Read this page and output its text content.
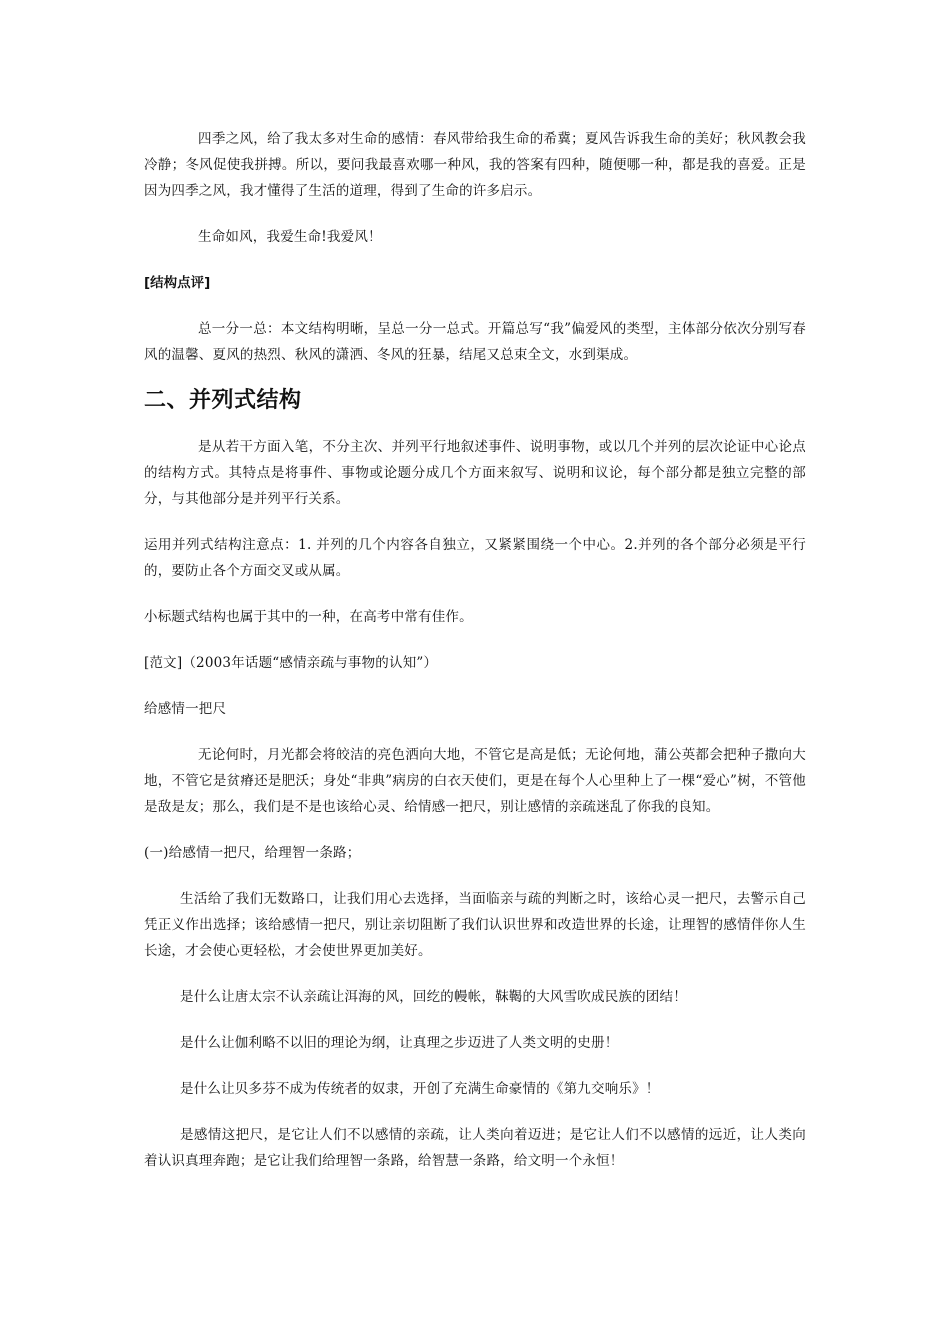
四季之风，给了我太多对生命的感情：春风带给我生命的希冀；夏风告诉我生命的美好；秋风教会我冷静；冬风促使我拼搏。所以，要问我最喜欢哪一种风，我的答案有四种，随便哪一种，都是我的喜爱。正是因为四季之风，我才懂得了生活的道理，得到了生命的许多启示。

生命如风，我爱生命!我爱风！

[结构点评]

总一分一总：本文结构明晰，呈总一分一总式。开篇总写“我”偏爱风的类型，主体部分依次分别写春风的温馨、夏风的热烈、秋风的潇洒、冬风的狂暴，结尾又总束全文，水到渠成。

二、并列式结构

是从若干方面入笔，不分主次、并列平行地叙述事件、说明事物，或以几个并列的层次论证中心论点的结构方式。其特点是将事件、事物或论题分成几个方面来叙写、说明和议论，每个部分都是独立完整的部分，与其他部分是并列平行关系。

运用并列式结构注意点：1. 并列的几个内容各自独立，又紧紧围绕一个中心。2.并列的各个部分必须是平行的，要防止各个方面交叉或从属。

小标题式结构也属于其中的一种，在高考中常有佳作。

[范文]（2003年话题“感情亲疏与事物的认知”）

给感情一把尺

无论何时，月光都会将皎洁的亮色洒向大地，不管它是高是低；无论何地，蒲公英都会把种子撒向大地，不管它是贫瘠还是肥沃；身处“非典”病房的白衣天使们，更是在每个人心里种上了一棵“爱心”树，不管他是敌是友；那么，我们是不是也该给心灵、给情感一把尺，别让感情的亲疏迷乱了你我的良知。

(一)给感情一把尺，给理智一条路；

生活给了我们无数路口，让我们用心去选择，当面临亲与疏的判断之时，该给心灵一把尺，去警示自己凭正义作出选择；该给感情一把尺，别让亲切阻断了我们认识世界和改造世界的长途，让理智的感情伴你人生长途，才会使心更轻松，才会使世界更加美好。

是什么让唐太宗不认亲疏让洱海的风，回纥的幔帐，靺鞨的大风雪吹成民族的团结！

是什么让伽利略不以旧的理论为纲，让真理之步迈进了人类文明的史册！

是什么让贝多芬不成为传统者的奴隶，开创了充满生命豪情的《第九交响乐》！

是感情这把尺，是它让人们不以感情的亲疏，让人类向着迈进；是它让人们不以感情的远近，让人类向着认识真理奔跑；是它让我们给理智一条路，给智慧一条路，给文明一个永恒！
